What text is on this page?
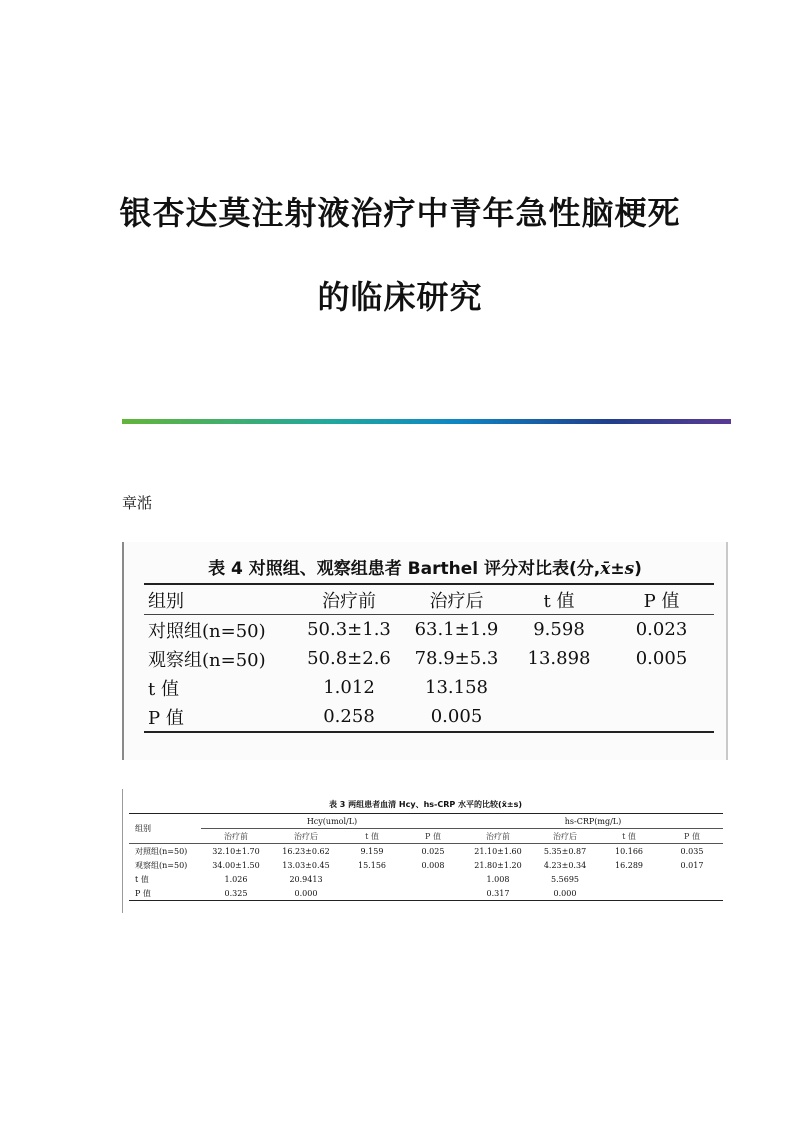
银杏达莫注射液治疗中青年急性脑梗死
的临床研究
章湉
表 4 对照组、观察组患者 Barthel 评分对比表(分,x̄±s)
组别	治疗前	治疗后	t 值	P 值
对照组(n=50)	50.3±1.3	63.1±1.9	9.598	0.023
观察组(n=50)	50.8±2.6	78.9±5.3	13.898	0.005
t 值	1.012	13.158		
P 值	0.258	0.005		
表 3 两组患者血清 Hcy、hs-CRP 水平的比较(x̄±s)
组别	Hcy(umol/L)				hs-CRP(mg/L)			
	治疗前	治疗后	t 值	P 值	治疗前	治疗后	t 值	P 值
对照组(n=50)	32.10±1.70	16.23±0.62	9.159	0.025	21.10±1.60	5.35±0.87	10.166	0.035
观察组(n=50)	34.00±1.50	13.03±0.45	15.156	0.008	21.80±1.20	4.23±0.34	16.289	0.017
t 值	1.026	20.9413			1.008	5.5695		
P 值	0.325	0.000			0.317	0.000		
